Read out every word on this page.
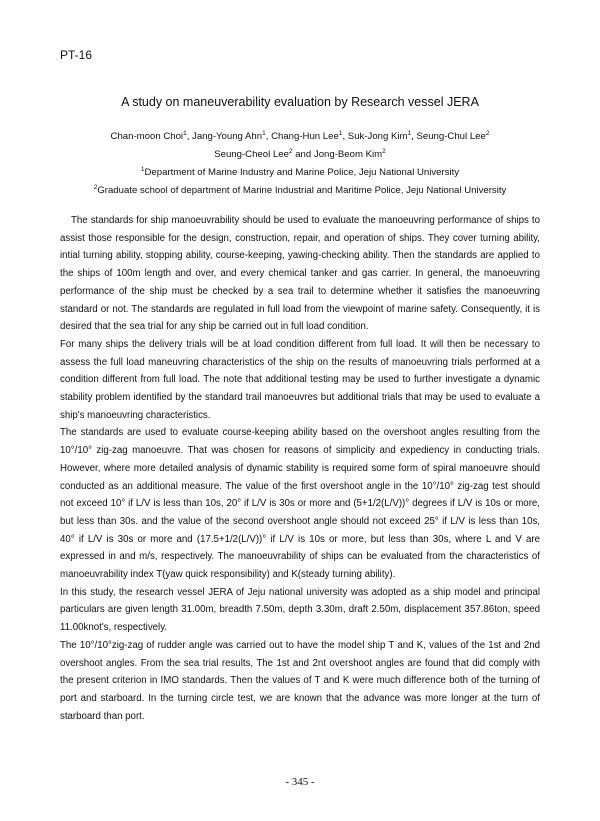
PT-16
A study on maneuverability evaluation by Research vessel JERA
Chan-moon Choi$^1$, Jang-Young Ahn$^1$, Chang-Hun Lee$^1$, Suk-Jong Kim$^1$, Seung-Chul Lee$^2$
Seung-Cheol Lee$^2$ and Jong-Beom Kim$^2$
$^1$Department of Marine Industry and Marine Police, Jeju National University
$^2$Graduate school of department of Marine Industrial and Maritime Police, Jeju National University

The standards for ship manoeuvrability should be used to evaluate the manoeuvring performance of ships to assist those responsible for the design, construction, repair, and operation of ships. They cover turning ability, intial turning ability, stopping ability, course-keeping, yawing-checking ability. Then the standards are applied to the ships of 100m length and over, and every chemical tanker and gas carrier. In general, the manoeuvring performance of the ship must be checked by a sea trail to determine whether it satisfies the manoeuvring standard or not. The standards are regulated in full load from the viewpoint of marine safety. Consequently, it is desired that the sea trial for any ship be carried out in full load condition.

For many ships the delivery trials will be at load condition different from full load. It will then be necessary to assess the full load maneuvring characteristics of the ship on the results of manoeuvring trials performed at a condition different from full load. The note that additional testing may be used to further investigate a dynamic stability problem identified by the standard trail manoeuvres but additional trials that may be used to evaluate a ship's manoeuvring characteristics.

The standards are used to evaluate course-keeping ability based on the overshoot angles resulting from the 10°/10° zig-zag manoeuvre. That was chosen for reasons of simplicity and expediency in conducting trials. However, where more detailed analysis of dynamic stability is required some form of spiral manoeuvre should conducted as an additional measure. The value of the first overshoot angle in the 10°/10° zig-zag test should not exceed 10° if L/V is less than 10s, 20° if L/V is 30s or more and (5+1/2(L/V))° degrees if L/V is 10s or more, but less than 30s. and the value of the second overshoot angle should not exceed 25° if L/V is less than 10s, 40° if L/V is 30s or more and (17.5+1/2(L/V))° if L/V is 10s or more, but less than 30s, where L and V are expressed in and m/s, respectively. The manoeuvrability of ships can be evaluated from the characteristics of manoeuvrability index T(yaw quick responsibility) and K(steady turning ability).

In this study, the research vessel JERA of Jeju national university was adopted as a ship model and principal particulars are given length 31.00m, breadth 7.50m, depth 3.30m, draft 2.50m, displacement 357.86ton, speed 11.00knot's, respectively.

The 10°/10°zig-zag of rudder angle was carried out to have the model ship T and K, values of the 1st and 2nd overshoot angles. From the sea trial results, The 1st and 2nt overshoot angles are found that did comply with the present criterion in IMO standards. Then the values of T and K were much difference both of the turning of port and starboard. In the turning circle test, we are known that the advance was more longer at the turn of starboard than port.

- 345 -
